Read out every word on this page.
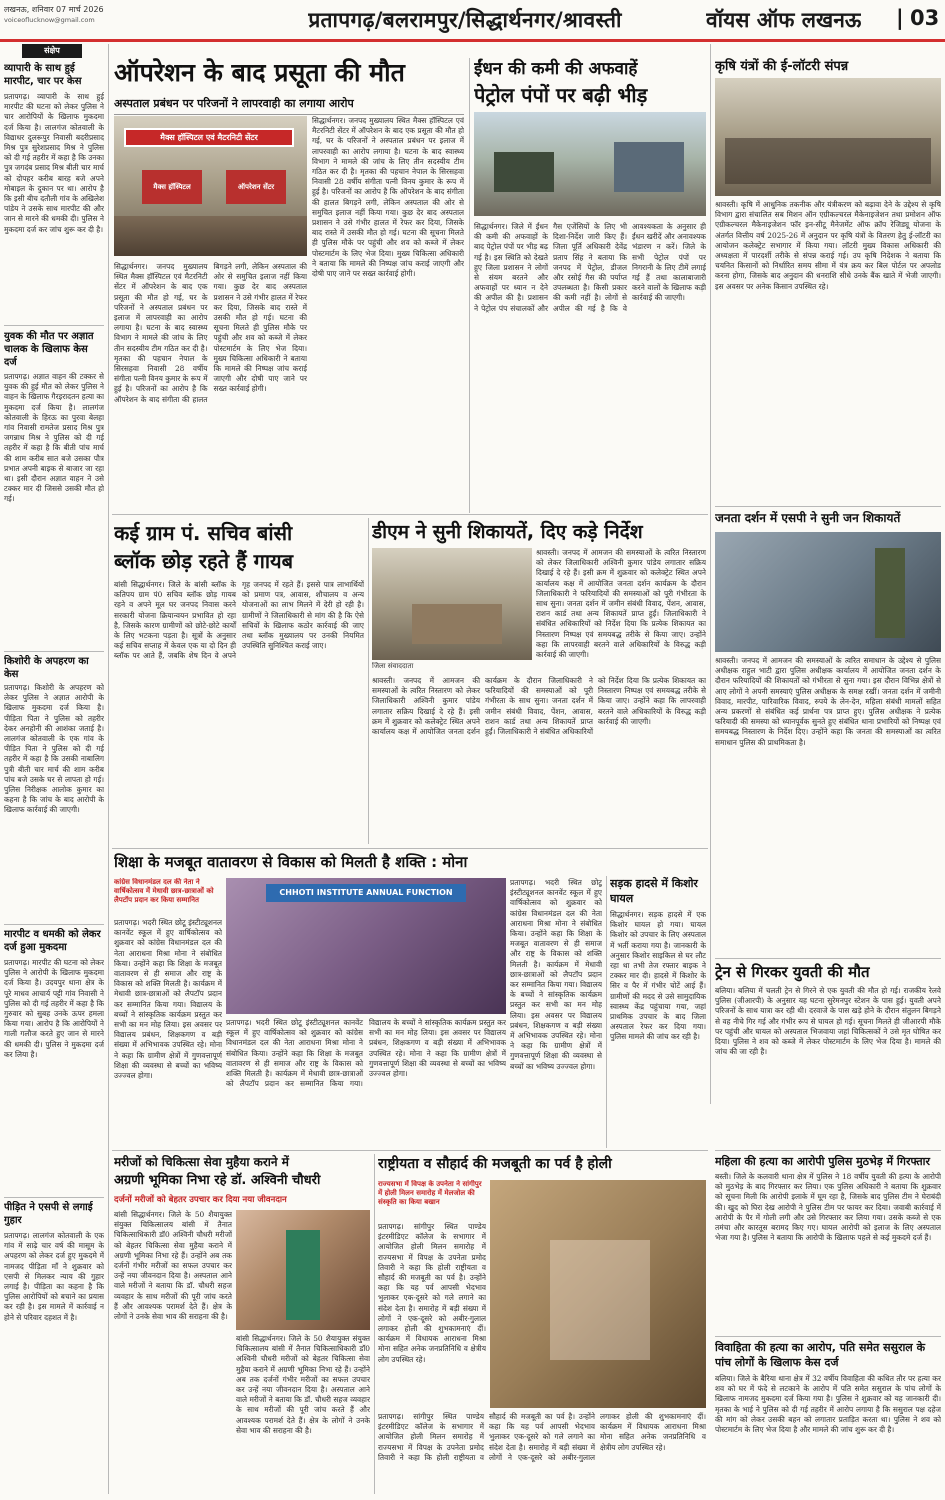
लखनऊ, शनिवार 07 मार्च 2026
voiceoflucknow@gmail.com	प्रतापगढ़/बलरामपुर/सिद्धार्थनगर/श्रावस्ती	वॉयस ऑफ लखनऊ | 03
संक्षेप
व्यापारी के साथ हुई मारपीट, चार पर केस
प्रतापगढ़। व्यापारी के साथ हुई मारपीट की घटना को लेकर पुलिस ने चार आरोपियों के खिलाफ मुकदमा दर्ज किया है। लालगंज कोतवाली के विद्याधर दुलरूपुर निवासी बदरीप्रसाद मिश्र पुत्र सुरेशप्रसाद मिश्र ने पुलिस को दी गई तहरीर में कहा है कि उनका पुत्र जगदंब प्रसाद मिश्र बीती चार मार्च को दोपहर करीब बारह बजे अपने मोबाइल के दुकान पर था। आरोप है कि इसी बीच दतौली गांव के अखिलेश पांडेय ने उसके साथ मारपीट की और जान से मारने की धमकी दी। पुलिस ने मुकदमा दर्ज कर जांच शुरू कर दी है।
युवक की मौत पर अज्ञात चालक के खिलाफ केस दर्ज
प्रतापगढ़। अज्ञात वाहन की टक्कर से युवक की हुई मौत को लेकर पुलिस ने वाहन के खिलाफ गैरइरादतन हत्या का मुकदमा दर्ज किया है। लालगंज कोतवाली के हिरऊ का पुरवा बेलहा गांव निवासी रामतेज प्रसाद मिश्र पुत्र जगन्नाथ मिश्र ने पुलिस को दी गई तहरीर में कहा है कि बीती पांच मार्च की शाम करीब सात बजे उसका पौत्र प्रभात अपनी बाइक से बाजार जा रहा था। इसी दौरान अज्ञात वाहन ने उसे टक्कर मार दी जिससे उसकी मौत हो गई।
किशोरी के अपहरण का केस
प्रतापगढ़। किशोरी के अपहरण को लेकर पुलिस ने अज्ञात आरोपी के खिलाफ मुकदमा दर्ज किया है। पीड़िता पिता ने पुलिस को तहरीर देकर अनहोनी की आशंका जताई है। लालगंज कोतवाली के एक गांव के पीड़ित पिता ने पुलिस को दी गई तहरीर में कहा है कि उसकी नाबालिग पुत्री बीती चार मार्च की शाम करीब पांच बजे उसके घर से लापता हो गई। पुलिस निरीक्षक आलोक कुमार का कहना है कि जांच के बाद आरोपी के खिलाफ कार्रवाई की जाएगी।
मारपीट व धमकी को लेकर दर्ज हुआ मुकदमा
प्रतापगढ़। मारपीट की घटना को लेकर पुलिस ने आरोपी के खिलाफ मुकदमा दर्ज किया है। उदयपुर थाना क्षेत्र के पूरे माधव आचार्य पट्टी गांव निवासी ने पुलिस को दी गई तहरीर में कहा है कि गुरुवार को सुबह उनके ऊपर हमला किया गया। आरोप है कि आरोपियों ने गाली गलौज करते हुए जान से मारने की धमकी दी। पुलिस ने मुकदमा दर्ज कर लिया है।
पीड़ित ने एसपी से लगाई गुहार
प्रतापगढ़। लालगंज कोतवाली के एक गांव में साढ़े चार वर्ष की मासूम के अपहरण को लेकर दर्ज हुए मुकदमे में नामजद पीड़िता माँ ने शुक्रवार को एसपी से मिलकर न्याय की गुहार लगाई है। पीड़िता का कहना है कि पुलिस आरोपियों को बचाने का प्रयास कर रही है। इस मामले में कार्रवाई न होने से परिवार दहशत में है।
ऑपरेशन के बाद प्रसूता की मौत
अस्पताल प्रबंधन पर परिजनों ने लापरवाही का लगाया आरोप
मैक्स हॉस्पिटल एवं मैटरनिटी सेंटर
मैक्स हॉस्पिटल	ऑपरेशन सेंटर
सिद्धार्थनगर। जनपद मुख्यालय स्थित मैक्स हॉस्पिटल एवं मैटरनिटी सेंटर में ऑपरेशन के बाद एक प्रसूता की मौत हो गई, घर के परिजनों ने अस्पताल प्रबंधन पर इलाज में लापरवाही का आरोप लगाया है। घटना के बाद स्वास्थ्य विभाग ने मामले की जांच के लिए तीन सदस्यीय टीम गठित कर दी है। मृतका की पहचान नेपाल के सिरसहवा निवासी 28 वर्षीय संगीता पत्नी विनय कुमार के रूप में हुई है। परिजनों का आरोप है कि ऑपरेशन के बाद संगीता की हालत बिगड़ने लगी, लेकिन अस्पताल की ओर से समुचित इलाज नहीं किया गया। कुछ देर बाद अस्पताल प्रशासन ने उसे गंभीर हालत में रेफर कर दिया, जिसके बाद रास्ते में उसकी मौत हो गई। घटना की सूचना मिलते ही पुलिस मौके पर पहुंची और शव को कब्जे में लेकर पोस्टमार्टम के लिए भेज दिया। मुख्य चिकित्सा अधिकारी ने बताया कि मामले की निष्पक्ष जांच कराई जाएगी और दोषी पाए जाने पर सख्त कार्रवाई होगी।
सिद्धार्थनगर। जनपद मुख्यालय स्थित मैक्स हॉस्पिटल एवं मैटरनिटी सेंटर में ऑपरेशन के बाद एक प्रसूता की मौत हो गई, घर के परिजनों ने अस्पताल प्रबंधन पर इलाज में लापरवाही का आरोप लगाया है। घटना के बाद स्वास्थ्य विभाग ने मामले की जांच के लिए तीन सदस्यीय टीम गठित कर दी है। मृतका की पहचान नेपाल के सिरसहवा निवासी 28 वर्षीय संगीता पत्नी विनय कुमार के रूप में हुई है। परिजनों का आरोप है कि ऑपरेशन के बाद संगीता की हालत बिगड़ने लगी, लेकिन अस्पताल की ओर से समुचित इलाज नहीं किया गया। कुछ देर बाद अस्पताल प्रशासन ने उसे गंभीर हालत में रेफर कर दिया, जिसके बाद रास्ते में उसकी मौत हो गई। घटना की सूचना मिलते ही पुलिस मौके पर पहुंची और शव को कब्जे में लेकर पोस्टमार्टम के लिए भेज दिया। मुख्य चिकित्सा अधिकारी ने बताया कि मामले की निष्पक्ष जांच कराई जाएगी और दोषी पाए जाने पर सख्त कार्रवाई होगी।
ईंधन की कमी की अफवाहें
पेट्रोल पंपों पर बढ़ी भीड़
सिद्धार्थनगर। जिले में ईंधन की कमी की अफवाहों के बाद पेट्रोल पंपों पर भीड़ बढ़ गई है। इस स्थिति को देखते हुए जिला प्रशासन ने लोगों से संयम बरतने और अफवाहों पर ध्यान न देने की अपील की है। प्रशासन ने पेट्रोल पंप संचालकों और गैस एजेंसियों के लिए भी दिशा-निर्देश जारी किए हैं। जिला पूर्ति अधिकारी देवेंद्र प्रताप सिंह ने बताया कि जनपद में पेट्रोल, डीजल और रसोई गैस की पर्याप्त उपलब्धता है। किसी प्रकार की कमी नहीं है। लोगों से अपील की गई है कि वे आवश्यकता के अनुसार ही ईंधन खरीदें और अनावश्यक भंडारण न करें। जिले के सभी पेट्रोल पंपों पर निगरानी के लिए टीमें लगाई गई हैं तथा कालाबाजारी करने वालों के खिलाफ कड़ी कार्रवाई की जाएगी।
कृषि यंत्रों की ई-लॉटरी संपन्न
श्रावस्ती। कृषि में आधुनिक तकनीक और यंत्रीकरण को बढ़ावा देने के उद्देश्य से कृषि विभाग द्वारा संचालित सब मिशन ऑन एग्रीकल्चरल मैकेनाइजेशन तथा प्रमोशन ऑफ एग्रीकल्चरल मैकेनाइजेशन फॉर इन-सीटू मैनेजमेंट ऑफ क्रॉप रेजिड्यू योजना के अंतर्गत वित्तीय वर्ष 2025-26 में अनुदान पर कृषि यंत्रों के वितरण हेतु ई-लॉटरी का आयोजन कलेक्ट्रेट सभागार में किया गया। लॉटरी मुख्य विकास अधिकारी की अध्यक्षता में पारदर्शी तरीके से संपन्न कराई गई। उप कृषि निदेशक ने बताया कि चयनित किसानों को निर्धारित समय सीमा में यंत्र क्रय कर बिल पोर्टल पर अपलोड करना होगा, जिसके बाद अनुदान की धनराशि सीधे उनके बैंक खाते में भेजी जाएगी। इस अवसर पर अनेक किसान उपस्थित रहे।
जनता दर्शन में एसपी ने सुनी जन शिकायतें
श्रावस्ती। जनपद में आमजन की समस्याओं के त्वरित समाधान के उद्देश्य से पुलिस अधीक्षक राहुल भाटी द्वारा पुलिस अधीक्षक कार्यालय में आयोजित जनता दर्शन के दौरान फरियादियों की शिकायतों को गंभीरता से सुना गया। इस दौरान विभिन्न क्षेत्रों से आए लोगों ने अपनी समस्याएं पुलिस अधीक्षक के समक्ष रखीं। जनता दर्शन में जमीनी विवाद, मारपीट, पारिवारिक विवाद, रुपये के लेन-देन, महिला संबंधी मामलों सहित अन्य प्रकरणों से संबंधित कई प्रार्थना पत्र प्राप्त हुए। पुलिस अधीक्षक ने प्रत्येक फरियादी की समस्या को ध्यानपूर्वक सुनते हुए संबंधित थाना प्रभारियों को निष्पक्ष एवं समयबद्ध निस्तारण के निर्देश दिए। उन्होंने कहा कि जनता की समस्याओं का त्वरित समाधान पुलिस की प्राथमिकता है।
ट्रेन से गिरकर युवती की मौत
बलिया। बलिया में चलती ट्रेन से गिरने से एक युवती की मौत हो गई। राजकीय रेलवे पुलिस (जीआरपी) के अनुसार यह घटना सुरेमनपुर स्टेशन के पास हुई। युवती अपने परिजनों के साथ यात्रा कर रही थी। दरवाजे के पास खड़े होने के दौरान संतुलन बिगड़ने से वह नीचे गिर गई और गंभीर रूप से घायल हो गई। सूचना मिलते ही जीआरपी मौके पर पहुंची और घायल को अस्पताल भिजवाया जहां चिकित्सकों ने उसे मृत घोषित कर दिया। पुलिस ने शव को कब्जे में लेकर पोस्टमार्टम के लिए भेज दिया है। मामले की जांच की जा रही है।
महिला की हत्या का आरोपी पुलिस मुठभेड़ में गिरफ्तार
बस्ती। जिले के कलवारी थाना क्षेत्र में पुलिस ने 18 वर्षीय युवती की हत्या के आरोपी को मुठभेड़ के बाद गिरफ्तार कर लिया। एक पुलिस अधिकारी ने बताया कि शुक्रवार को सूचना मिली कि आरोपी इलाके में घूम रहा है, जिसके बाद पुलिस टीम ने घेराबंदी की। खुद को घिरा देख आरोपी ने पुलिस टीम पर फायर कर दिया। जवाबी कार्रवाई में आरोपी के पैर में गोली लगी और उसे गिरफ्तार कर लिया गया। उसके कब्जे से एक तमंचा और कारतूस बरामद किए गए। घायल आरोपी को इलाज के लिए अस्पताल भेजा गया है। पुलिस ने बताया कि आरोपी के खिलाफ पहले से कई मुकदमे दर्ज हैं।
विवाहिता की हत्या का आरोप, पति समेत ससुराल के पांच लोगों के खिलाफ केस दर्ज
बलिया। जिले के बैरिया थाना क्षेत्र में 32 वर्षीय विवाहिता की कथित तौर पर हत्या कर शव को घर में फंदे से लटकाने के आरोप में पति समेत ससुराल के पांच लोगों के खिलाफ नामजद मुकदमा दर्ज किया गया है। पुलिस ने शुक्रवार को यह जानकारी दी। मृतका के भाई ने पुलिस को दी गई तहरीर में आरोप लगाया है कि ससुराल पक्ष दहेज की मांग को लेकर उसकी बहन को लगातार प्रताड़ित करता था। पुलिस ने शव को पोस्टमार्टम के लिए भेज दिया है और मामले की जांच शुरू कर दी है।
कई ग्राम पं. सचिव बांसी
ब्लॉक छोड़ रहते हैं गायब
बांसी सिद्धार्थनगर। जिले के बांसी ब्लॉक के कतिपय ग्राम पं0 सचिव ब्लॉक छोड़ गायब रहने व अपने मूल घर जनपद निवास करने सरकारी योजना क्रियान्वयन प्रभावित हो रहा है, जिसके कारण ग्रामीणों को छोटे-छोटे कार्यों के लिए भटकना पड़ता है। सूत्रों के अनुसार कई सचिव सप्ताह में केवल एक या दो दिन ही ब्लॉक पर आते हैं, जबकि शेष दिन वे अपने गृह जनपद में रहते हैं। इससे पात्र लाभार्थियों को प्रमाण पत्र, आवास, शौचालय व अन्य योजनाओं का लाभ मिलने में देरी हो रही है। ग्रामीणों ने जिलाधिकारी से मांग की है कि ऐसे सचिवों के खिलाफ कठोर कार्रवाई की जाए तथा ब्लॉक मुख्यालय पर उनकी नियमित उपस्थिति सुनिश्चित कराई जाए।
डीएम ने सुनी शिकायतें, दिए कड़े निर्देश
जिला संवाददाता
श्रावस्ती। जनपद में आमजन की समस्याओं के त्वरित निस्तारण को लेकर जिलाधिकारी अश्विनी कुमार पांडेय लगातार सक्रिय दिखाई दे रहे हैं। इसी क्रम में शुक्रवार को कलेक्ट्रेट स्थित अपने कार्यालय कक्ष में आयोजित जनता दर्शन कार्यक्रम के दौरान जिलाधिकारी ने फरियादियों की समस्याओं को पूरी गंभीरता के साथ सुना। जनता दर्शन में जमीन संबंधी विवाद, पेंशन, आवास, राशन कार्ड तथा अन्य शिकायतें प्राप्त हुईं। जिलाधिकारी ने संबंधित अधिकारियों को निर्देश दिया कि प्रत्येक शिकायत का निस्तारण निष्पक्ष एवं समयबद्ध तरीके से किया जाए। उन्होंने कहा कि लापरवाही बरतने वाले अधिकारियों के विरुद्ध कड़ी कार्रवाई की जाएगी।
श्रावस्ती। जनपद में आमजन की समस्याओं के त्वरित निस्तारण को लेकर जिलाधिकारी अश्विनी कुमार पांडेय लगातार सक्रिय दिखाई दे रहे हैं। इसी क्रम में शुक्रवार को कलेक्ट्रेट स्थित अपने कार्यालय कक्ष में आयोजित जनता दर्शन कार्यक्रम के दौरान जिलाधिकारी ने फरियादियों की समस्याओं को पूरी गंभीरता के साथ सुना। जनता दर्शन में जमीन संबंधी विवाद, पेंशन, आवास, राशन कार्ड तथा अन्य शिकायतें प्राप्त हुईं। जिलाधिकारी ने संबंधित अधिकारियों को निर्देश दिया कि प्रत्येक शिकायत का निस्तारण निष्पक्ष एवं समयबद्ध तरीके से किया जाए। उन्होंने कहा कि लापरवाही बरतने वाले अधिकारियों के विरुद्ध कड़ी कार्रवाई की जाएगी।
शिक्षा के मजबूत वातावरण से विकास को मिलती है शक्ति : मोना
कांग्रेस विधानमंडल दल की नेता ने वार्षिकोत्सव में मेधावी छात्र-छात्राओं को लैपटॉप प्रदान कर किया सम्मानित
प्रतापगढ़। भदरी स्थित छोटू इंस्टीट्यूशनल कानवेंट स्कूल में हुए वार्षिकोत्सव को शुक्रवार को कांग्रेस विधानमंडल दल की नेता आराधना मिश्रा मोना ने संबोधित किया। उन्होंने कहा कि शिक्षा के मजबूत वातावरण से ही समाज और राष्ट्र के विकास को शक्ति मिलती है। कार्यक्रम में मेधावी छात्र-छात्राओं को लैपटॉप प्रदान कर सम्मानित किया गया। विद्यालय के बच्चों ने सांस्कृतिक कार्यक्रम प्रस्तुत कर सभी का मन मोह लिया। इस अवसर पर विद्यालय प्रबंधन, शिक्षकगण व बड़ी संख्या में अभिभावक उपस्थित रहे। मोना ने कहा कि ग्रामीण क्षेत्रों में गुणवत्तापूर्ण शिक्षा की व्यवस्था से बच्चों का भविष्य उज्ज्वल होगा।
CHHOTI INSTITUTE ANNUAL FUNCTION
प्रतापगढ़। भदरी स्थित छोटू इंस्टीट्यूशनल कानवेंट स्कूल में हुए वार्षिकोत्सव को शुक्रवार को कांग्रेस विधानमंडल दल की नेता आराधना मिश्रा मोना ने संबोधित किया। उन्होंने कहा कि शिक्षा के मजबूत वातावरण से ही समाज और राष्ट्र के विकास को शक्ति मिलती है। कार्यक्रम में मेधावी छात्र-छात्राओं को लैपटॉप प्रदान कर सम्मानित किया गया। विद्यालय के बच्चों ने सांस्कृतिक कार्यक्रम प्रस्तुत कर सभी का मन मोह लिया। इस अवसर पर विद्यालय प्रबंधन, शिक्षकगण व बड़ी संख्या में अभिभावक उपस्थित रहे। मोना ने कहा कि ग्रामीण क्षेत्रों में गुणवत्तापूर्ण शिक्षा की व्यवस्था से बच्चों का भविष्य उज्ज्वल होगा।
प्रतापगढ़। भदरी स्थित छोटू इंस्टीट्यूशनल कानवेंट स्कूल में हुए वार्षिकोत्सव को शुक्रवार को कांग्रेस विधानमंडल दल की नेता आराधना मिश्रा मोना ने संबोधित किया। उन्होंने कहा कि शिक्षा के मजबूत वातावरण से ही समाज और राष्ट्र के विकास को शक्ति मिलती है। कार्यक्रम में मेधावी छात्र-छात्राओं को लैपटॉप प्रदान कर सम्मानित किया गया। विद्यालय के बच्चों ने सांस्कृतिक कार्यक्रम प्रस्तुत कर सभी का मन मोह लिया। इस अवसर पर विद्यालय प्रबंधन, शिक्षकगण व बड़ी संख्या में अभिभावक उपस्थित रहे। मोना ने कहा कि ग्रामीण क्षेत्रों में गुणवत्तापूर्ण शिक्षा की व्यवस्था से बच्चों का भविष्य उज्ज्वल होगा।
सड़क हादसे में किशोर घायल
सिद्धार्थनगर। सड़क हादसे में एक किशोर घायल हो गया। घायल किशोर को उपचार के लिए अस्पताल में भर्ती कराया गया है। जानकारी के अनुसार किशोर साइकिल से घर लौट रहा था तभी तेज रफ्तार बाइक ने टक्कर मार दी। हादसे में किशोर के सिर व पैर में गंभीर चोटें आई हैं। ग्रामीणों की मदद से उसे सामुदायिक स्वास्थ्य केंद्र पहुंचाया गया, जहां प्राथमिक उपचार के बाद जिला अस्पताल रेफर कर दिया गया। पुलिस मामले की जांच कर रही है।
मरीजों को चिकित्सा सेवा मुहैया कराने में
अग्रणी भूमिका निभा रहे डॉ. अश्विनी चौधरी
दर्जनों मरीजों को बेहतर उपचार कर दिया नया जीवनदान
बांसी सिद्धार्थनगर। जिले के 50 शैयायुक्त संयुक्त चिकित्सालय बांसी में तैनात चिकित्साधिकारी डॉ0 अश्विनी चौधरी मरीजों को बेहतर चिकित्सा सेवा मुहैया कराने में अग्रणी भूमिका निभा रहे हैं। उन्होंने अब तक दर्जनों गंभीर मरीजों का सफल उपचार कर उन्हें नया जीवनदान दिया है। अस्पताल आने वाले मरीजों ने बताया कि डॉ. चौधरी सहज व्यवहार के साथ मरीजों की पूरी जांच करते हैं और आवश्यक परामर्श देते हैं। क्षेत्र के लोगों ने उनके सेवा भाव की सराहना की है।
बांसी सिद्धार्थनगर। जिले के 50 शैयायुक्त संयुक्त चिकित्सालय बांसी में तैनात चिकित्साधिकारी डॉ0 अश्विनी चौधरी मरीजों को बेहतर चिकित्सा सेवा मुहैया कराने में अग्रणी भूमिका निभा रहे हैं। उन्होंने अब तक दर्जनों गंभीर मरीजों का सफल उपचार कर उन्हें नया जीवनदान दिया है। अस्पताल आने वाले मरीजों ने बताया कि डॉ. चौधरी सहज व्यवहार के साथ मरीजों की पूरी जांच करते हैं और आवश्यक परामर्श देते हैं। क्षेत्र के लोगों ने उनके सेवा भाव की सराहना की है।
राष्ट्रीयता व सौहार्द की मजबूती का पर्व है होली
राज्यसभा में विपक्ष के उपनेता ने सांगीपुर में होली मिलन समारोह में मेलजोल की संस्कृति का किया बखान
प्रतापगढ़। सांगीपुर स्थित पाण्डेय इंटरमीडिएट कॉलेज के सभागार में आयोजित होली मिलन समारोह में राज्यसभा में विपक्ष के उपनेता प्रमोद तिवारी ने कहा कि होली राष्ट्रीयता व सौहार्द की मजबूती का पर्व है। उन्होंने कहा कि यह पर्व आपसी भेदभाव भुलाकर एक-दूसरे को गले लगाने का संदेश देता है। समारोह में बड़ी संख्या में लोगों ने एक-दूसरे को अबीर-गुलाल लगाकर होली की शुभकामनाएं दीं। कार्यक्रम में विधायक आराधना मिश्रा मोना सहित अनेक जनप्रतिनिधि व क्षेत्रीय लोग उपस्थित रहे।
प्रतापगढ़। सांगीपुर स्थित पाण्डेय इंटरमीडिएट कॉलेज के सभागार में आयोजित होली मिलन समारोह में राज्यसभा में विपक्ष के उपनेता प्रमोद तिवारी ने कहा कि होली राष्ट्रीयता व सौहार्द की मजबूती का पर्व है। उन्होंने कहा कि यह पर्व आपसी भेदभाव भुलाकर एक-दूसरे को गले लगाने का संदेश देता है। समारोह में बड़ी संख्या में लोगों ने एक-दूसरे को अबीर-गुलाल लगाकर होली की शुभकामनाएं दीं। कार्यक्रम में विधायक आराधना मिश्रा मोना सहित अनेक जनप्रतिनिधि व क्षेत्रीय लोग उपस्थित रहे।
